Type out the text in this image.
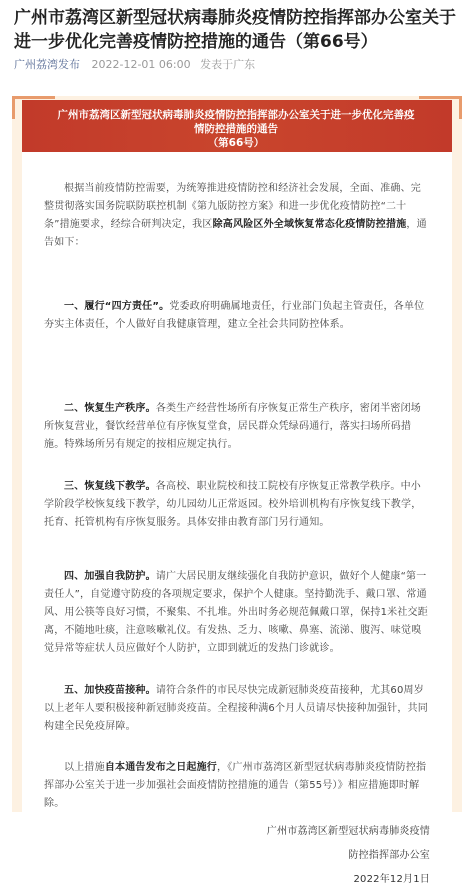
广州市荔湾区新型冠状病毒肺炎疫情防控指挥部办公室关于进一步优化完善疫情防控措施的通告（第66号）
广州荔湾发布 2022-12-01 06:00 发表于广东
广州市荔湾区新型冠状病毒肺炎疫情防控指挥部办公室关于进一步优化完善疫
情防控措施的通告
（第66号）

根据当前疫情防控需要，为统筹推进疫情防控和经济社会发展，全面、准确、完整贯彻落实国务院联防联控机制《第九版防控方案》和进一步优化疫情防控“二十条”措施要求，经综合研判决定，我区除高风险区外全域恢复常态化疫情防控措施，通告如下：

一、履行“四方责任”。党委政府明确属地责任，行业部门负起主管责任，各单位夯实主体责任，个人做好自我健康管理，建立全社会共同防控体系。

二、恢复生产秩序。各类生产经营性场所有序恢复正常生产秩序，密闭半密闭场所恢复营业，餐饮经营单位有序恢复堂食，居民群众凭绿码通行，落实扫场所码措施。特殊场所另有规定的按相应规定执行。

三、恢复线下教学。各高校、职业院校和技工院校有序恢复正常教学秩序。中小学阶段学校恢复线下教学，幼儿园幼儿正常返园。校外培训机构有序恢复线下教学，托育、托管机构有序恢复服务。具体安排由教育部门另行通知。

四、加强自我防护。请广大居民朋友继续强化自我防护意识，做好个人健康“第一责任人”，自觉遵守防疫的各项规定要求，保护个人健康。坚持勤洗手、戴口罩、常通风、用公筷等良好习惯，不聚集、不扎堆。外出时务必规范佩戴口罩，保持1米社交距离，不随地吐痰，注意咳嗽礼仪。有发热、乏力、咳嗽、鼻塞、流涕、腹泻、味觉嗅觉异常等症状人员应做好个人防护，立即到就近的发热门诊就诊。

五、加快疫苗接种。请符合条件的市民尽快完成新冠肺炎疫苗接种，尤其60周岁以上老年人要积极接种新冠肺炎疫苗。全程接种满6个月人员请尽快接种加强针，共同构建全民免疫屏障。

以上措施自本通告发布之日起施行，《广州市荔湾区新型冠状病毒肺炎疫情防控指挥部办公室关于进一步加强社会面疫情防控措施的通告（第55号）》相应措施即时解除。

广州市荔湾区新型冠状病毒肺炎疫情
防控指挥部办公室
2022年12月1日
